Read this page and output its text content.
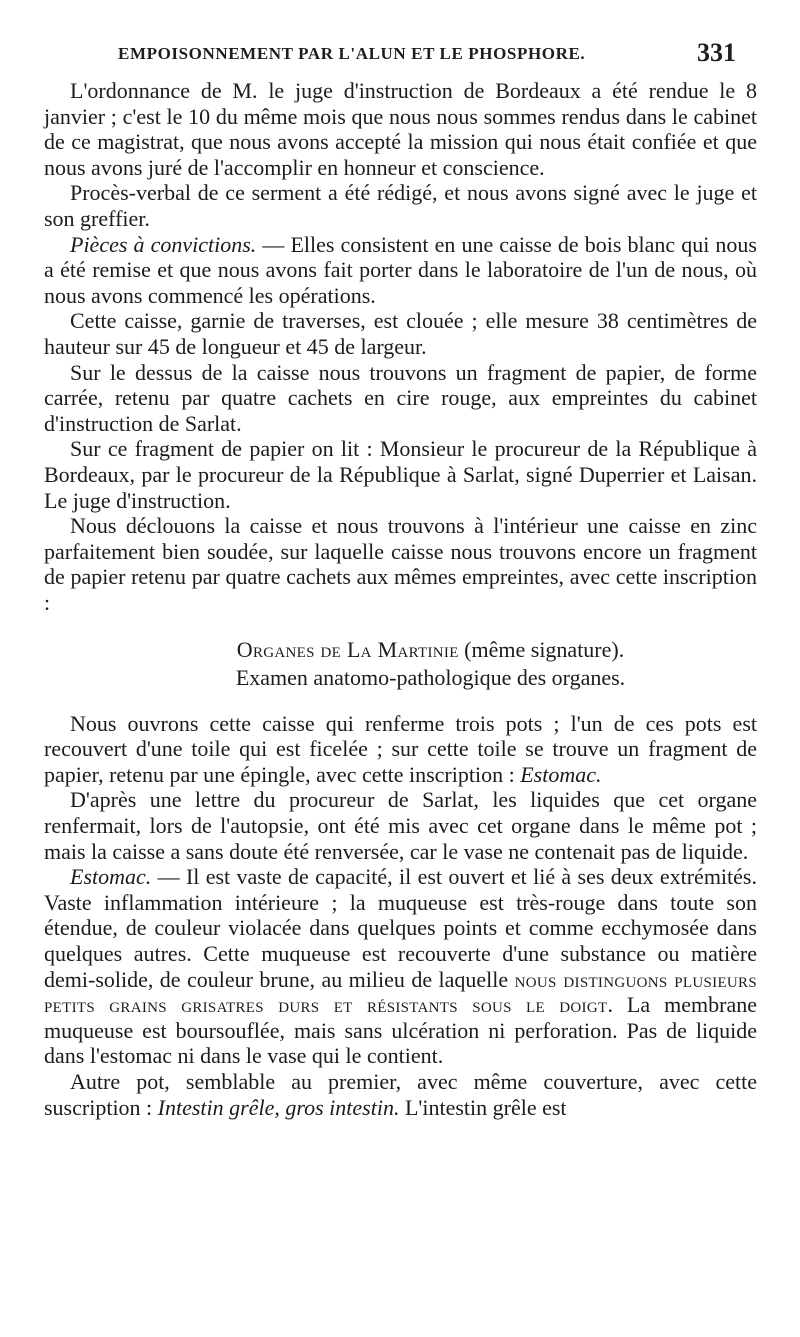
EMPOISONNEMENT PAR L'ALUN ET LE PHOSPHORE.	331

L'ordonnance de M. le juge d'instruction de Bordeaux a été rendue le 8 janvier ; c'est le 10 du même mois que nous nous sommes rendus dans le cabinet de ce magistrat, que nous avons accepté la mission qui nous était confiée et que nous avons juré de l'accomplir en honneur et conscience.

Procès-verbal de ce serment a été rédigé, et nous avons signé avec le juge et son greffier.

Pièces à convictions. — Elles consistent en une caisse de bois blanc qui nous a été remise et que nous avons fait porter dans le laboratoire de l'un de nous, où nous avons commencé les opérations.

Cette caisse, garnie de traverses, est clouée ; elle mesure 38 centimètres de hauteur sur 45 de longueur et 45 de largeur.

Sur le dessus de la caisse nous trouvons un fragment de papier, de forme carrée, retenu par quatre cachets en cire rouge, aux empreintes du cabinet d'instruction de Sarlat.

Sur ce fragment de papier on lit : Monsieur le procureur de la République à Bordeaux, par le procureur de la République à Sarlat, signé Duperrier et Laisan. Le juge d'instruction.

Nous déclouons la caisse et nous trouvons à l'intérieur une caisse en zinc parfaitement bien soudée, sur laquelle caisse nous trouvons encore un fragment de papier retenu par quatre cachets aux mêmes empreintes, avec cette inscription :

Organes de La Martinie (même signature).

Examen anatomo-pathologique des organes.

Nous ouvrons cette caisse qui renferme trois pots ; l'un de ces pots est recouvert d'une toile qui est ficelée ; sur cette toile se trouve un fragment de papier, retenu par une épingle, avec cette inscription : Estomac.

D'après une lettre du procureur de Sarlat, les liquides que cet organe renfermait, lors de l'autopsie, ont été mis avec cet organe dans le même pot ; mais la caisse a sans doute été renversée, car le vase ne contenait pas de liquide.

Estomac. — Il est vaste de capacité, il est ouvert et lié à ses deux extrémités. Vaste inflammation intérieure ; la muqueuse est très-rouge dans toute son étendue, de couleur violacée dans quelques points et comme ecchymosée dans quelques autres. Cette muqueuse est recouverte d'une substance ou matière demi-solide, de couleur brune, au milieu de laquelle nous distinguons plusieurs petits grains grisatres durs et résistants sous le doigt. La membrane muqueuse est boursouflée, mais sans ulcération ni perforation. Pas de liquide dans l'estomac ni dans le vase qui le contient.

Autre pot, semblable au premier, avec même couverture, avec cette suscription : Intestin grêle, gros intestin. L'intestin grêle est
